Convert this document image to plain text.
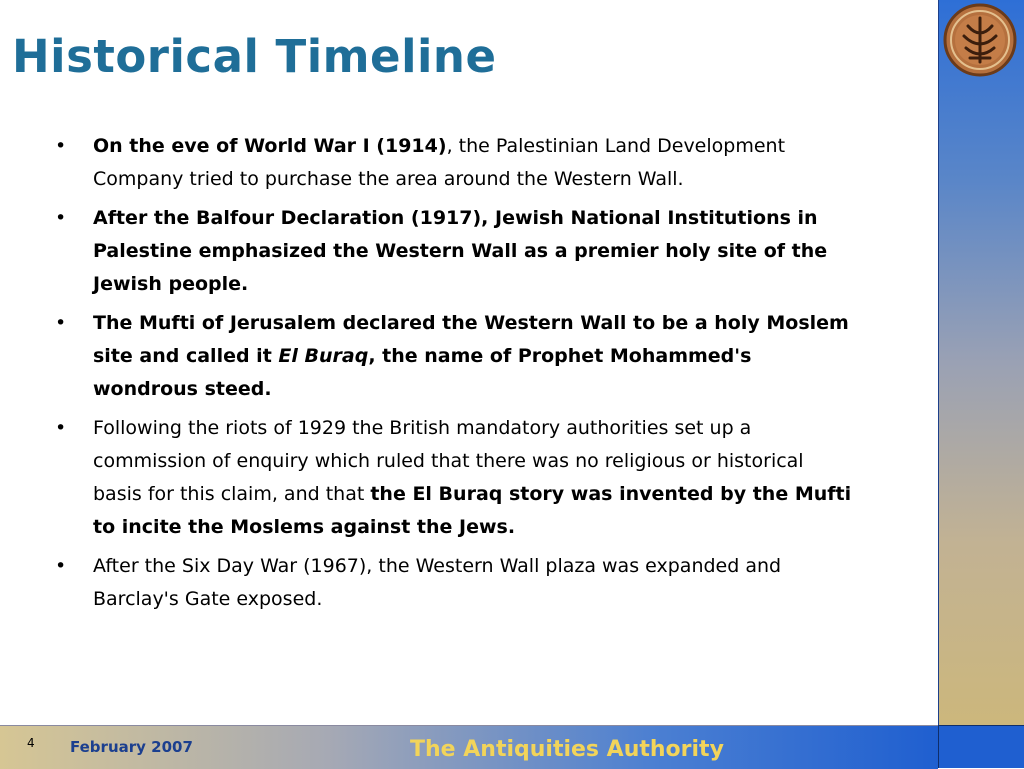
Historical Timeline
• On the eve of World War I (1914), the Palestinian Land Development Company tried to purchase the area around the Western Wall.
• After the Balfour Declaration (1917), Jewish National Institutions in Palestine emphasized the Western Wall as a premier holy site of the Jewish people.
• The Mufti of Jerusalem declared the Western Wall to be a holy Moslem site and called it El Buraq, the name of Prophet Mohammed's wondrous steed.
• Following the riots of 1929 the British mandatory authorities set up a commission of enquiry which ruled that there was no religious or historical basis for this claim, and that the El Buraq story was invented by the Mufti to incite the Moslems against the Jews.
• After the Six Day War (1967), the Western Wall plaza was expanded and Barclay's Gate exposed.
4 February 2007	The Antiquities Authority
